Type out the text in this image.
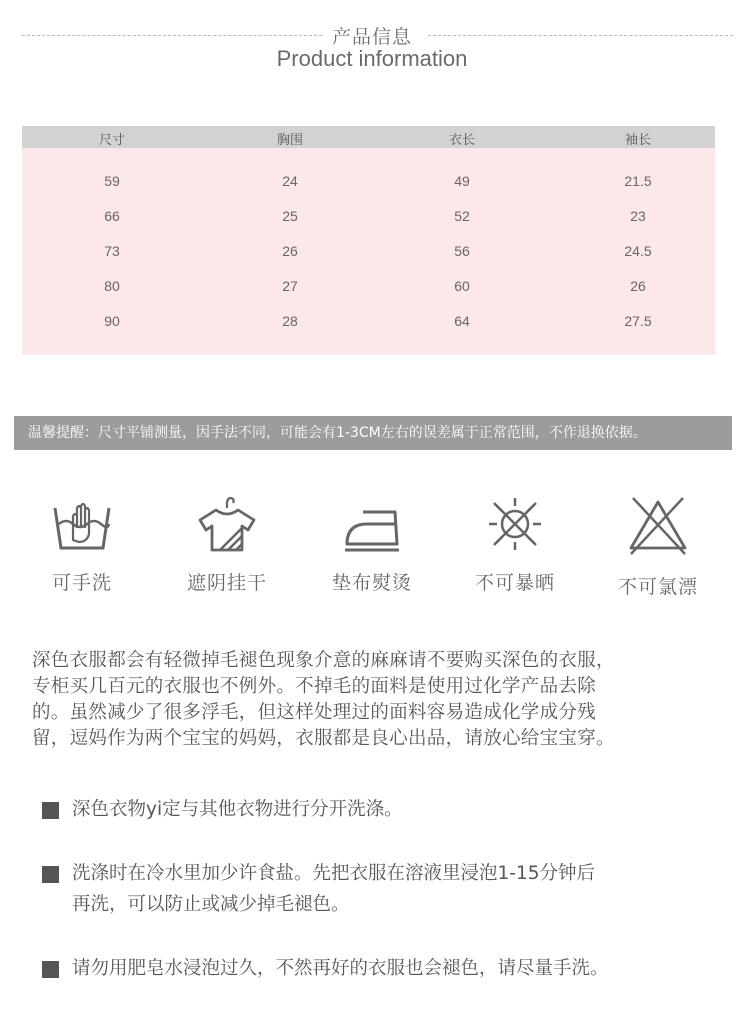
产品信息
Product information
尺寸	胸围	衣长	袖长
59	24	49	21.5
66	25	52	23
73	26	56	24.5
80	27	60	26
90	28	64	27.5
温馨提醒：尺寸平铺测量，因手法不同，可能会有1-3CM左右的误差属于正常范围，不作退换依据。
可手洗	遮阴挂干	垫布熨烫	不可暴晒	不可氯漂
深色衣服都会有轻微掉毛褪色现象介意的麻麻请不要购买深色的衣服，
专柜买几百元的衣服也不例外。不掉毛的面料是使用过化学产品去除
的。虽然减少了很多浮毛，但这样处理过的面料容易造成化学成分残
留，逗妈作为两个宝宝的妈妈，衣服都是良心出品，请放心给宝宝穿。
深色衣物yi定与其他衣物进行分开洗涤。
洗涤时在冷水里加少许食盐。先把衣服在溶液里浸泡1-15分钟后
再洗，可以防止或减少掉毛褪色。
请勿用肥皂水浸泡过久，不然再好的衣服也会褪色，请尽量手洗。
